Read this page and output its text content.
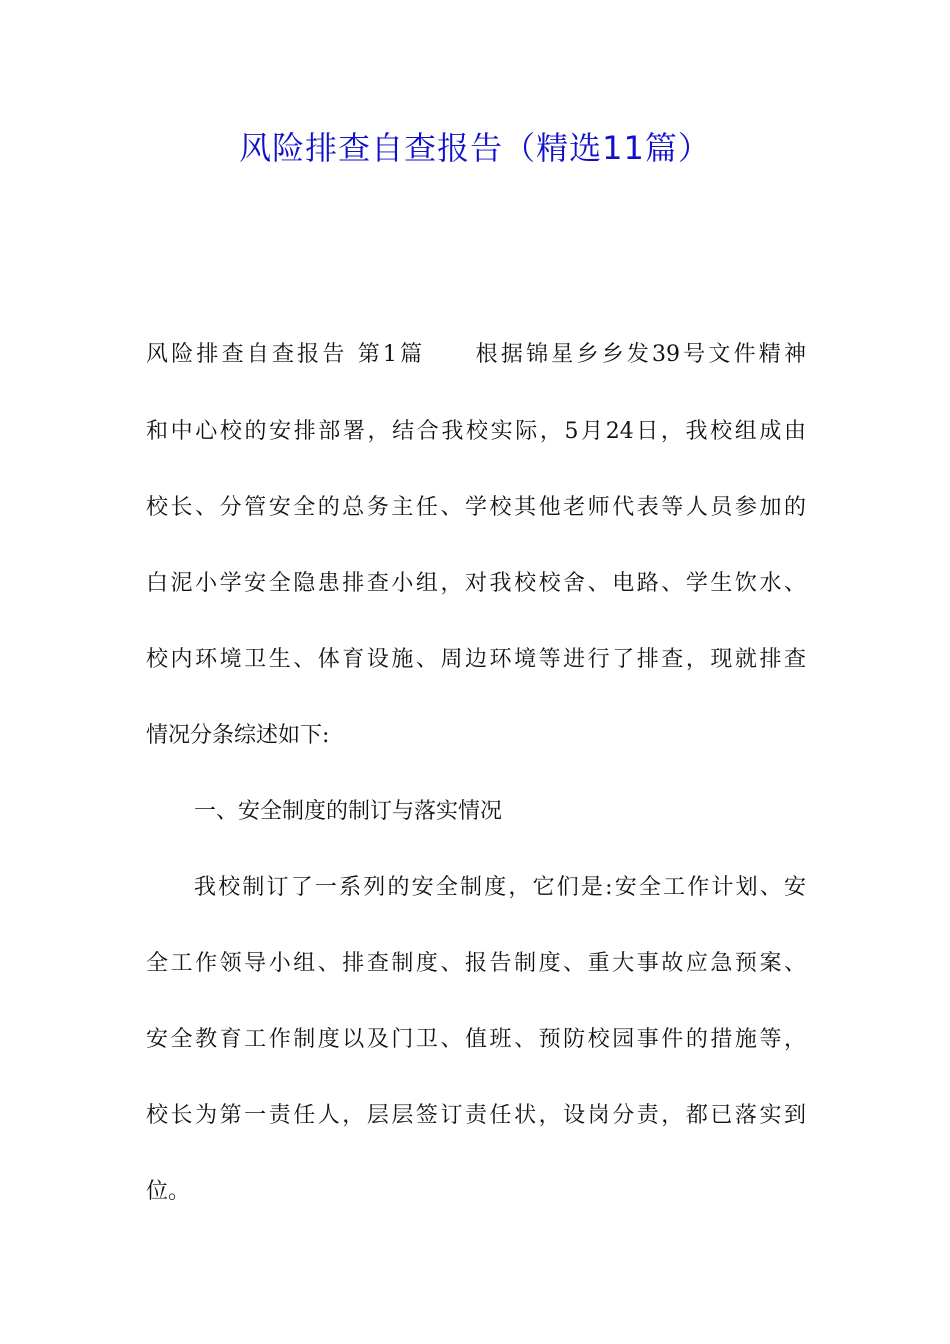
风险排查自查报告（精选11篇）
风险排查自查报告 第1篇　　根据锦星乡乡发39号文件精神
和中心校的安排部署，结合我校实际，5月24日，我校组成由
校长、分管安全的总务主任、学校其他老师代表等人员参加的
白泥小学安全隐患排查小组，对我校校舍、电路、学生饮水、
校内环境卫生、体育设施、周边环境等进行了排查，现就排查
情况分条综述如下:
一、安全制度的制订与落实情况
我校制订了一系列的安全制度，它们是:安全工作计划、安
全工作领导小组、排查制度、报告制度、重大事故应急预案、
安全教育工作制度以及门卫、值班、预防校园事件的措施等，
校长为第一责任人，层层签订责任状，设岗分责，都已落实到
位。
